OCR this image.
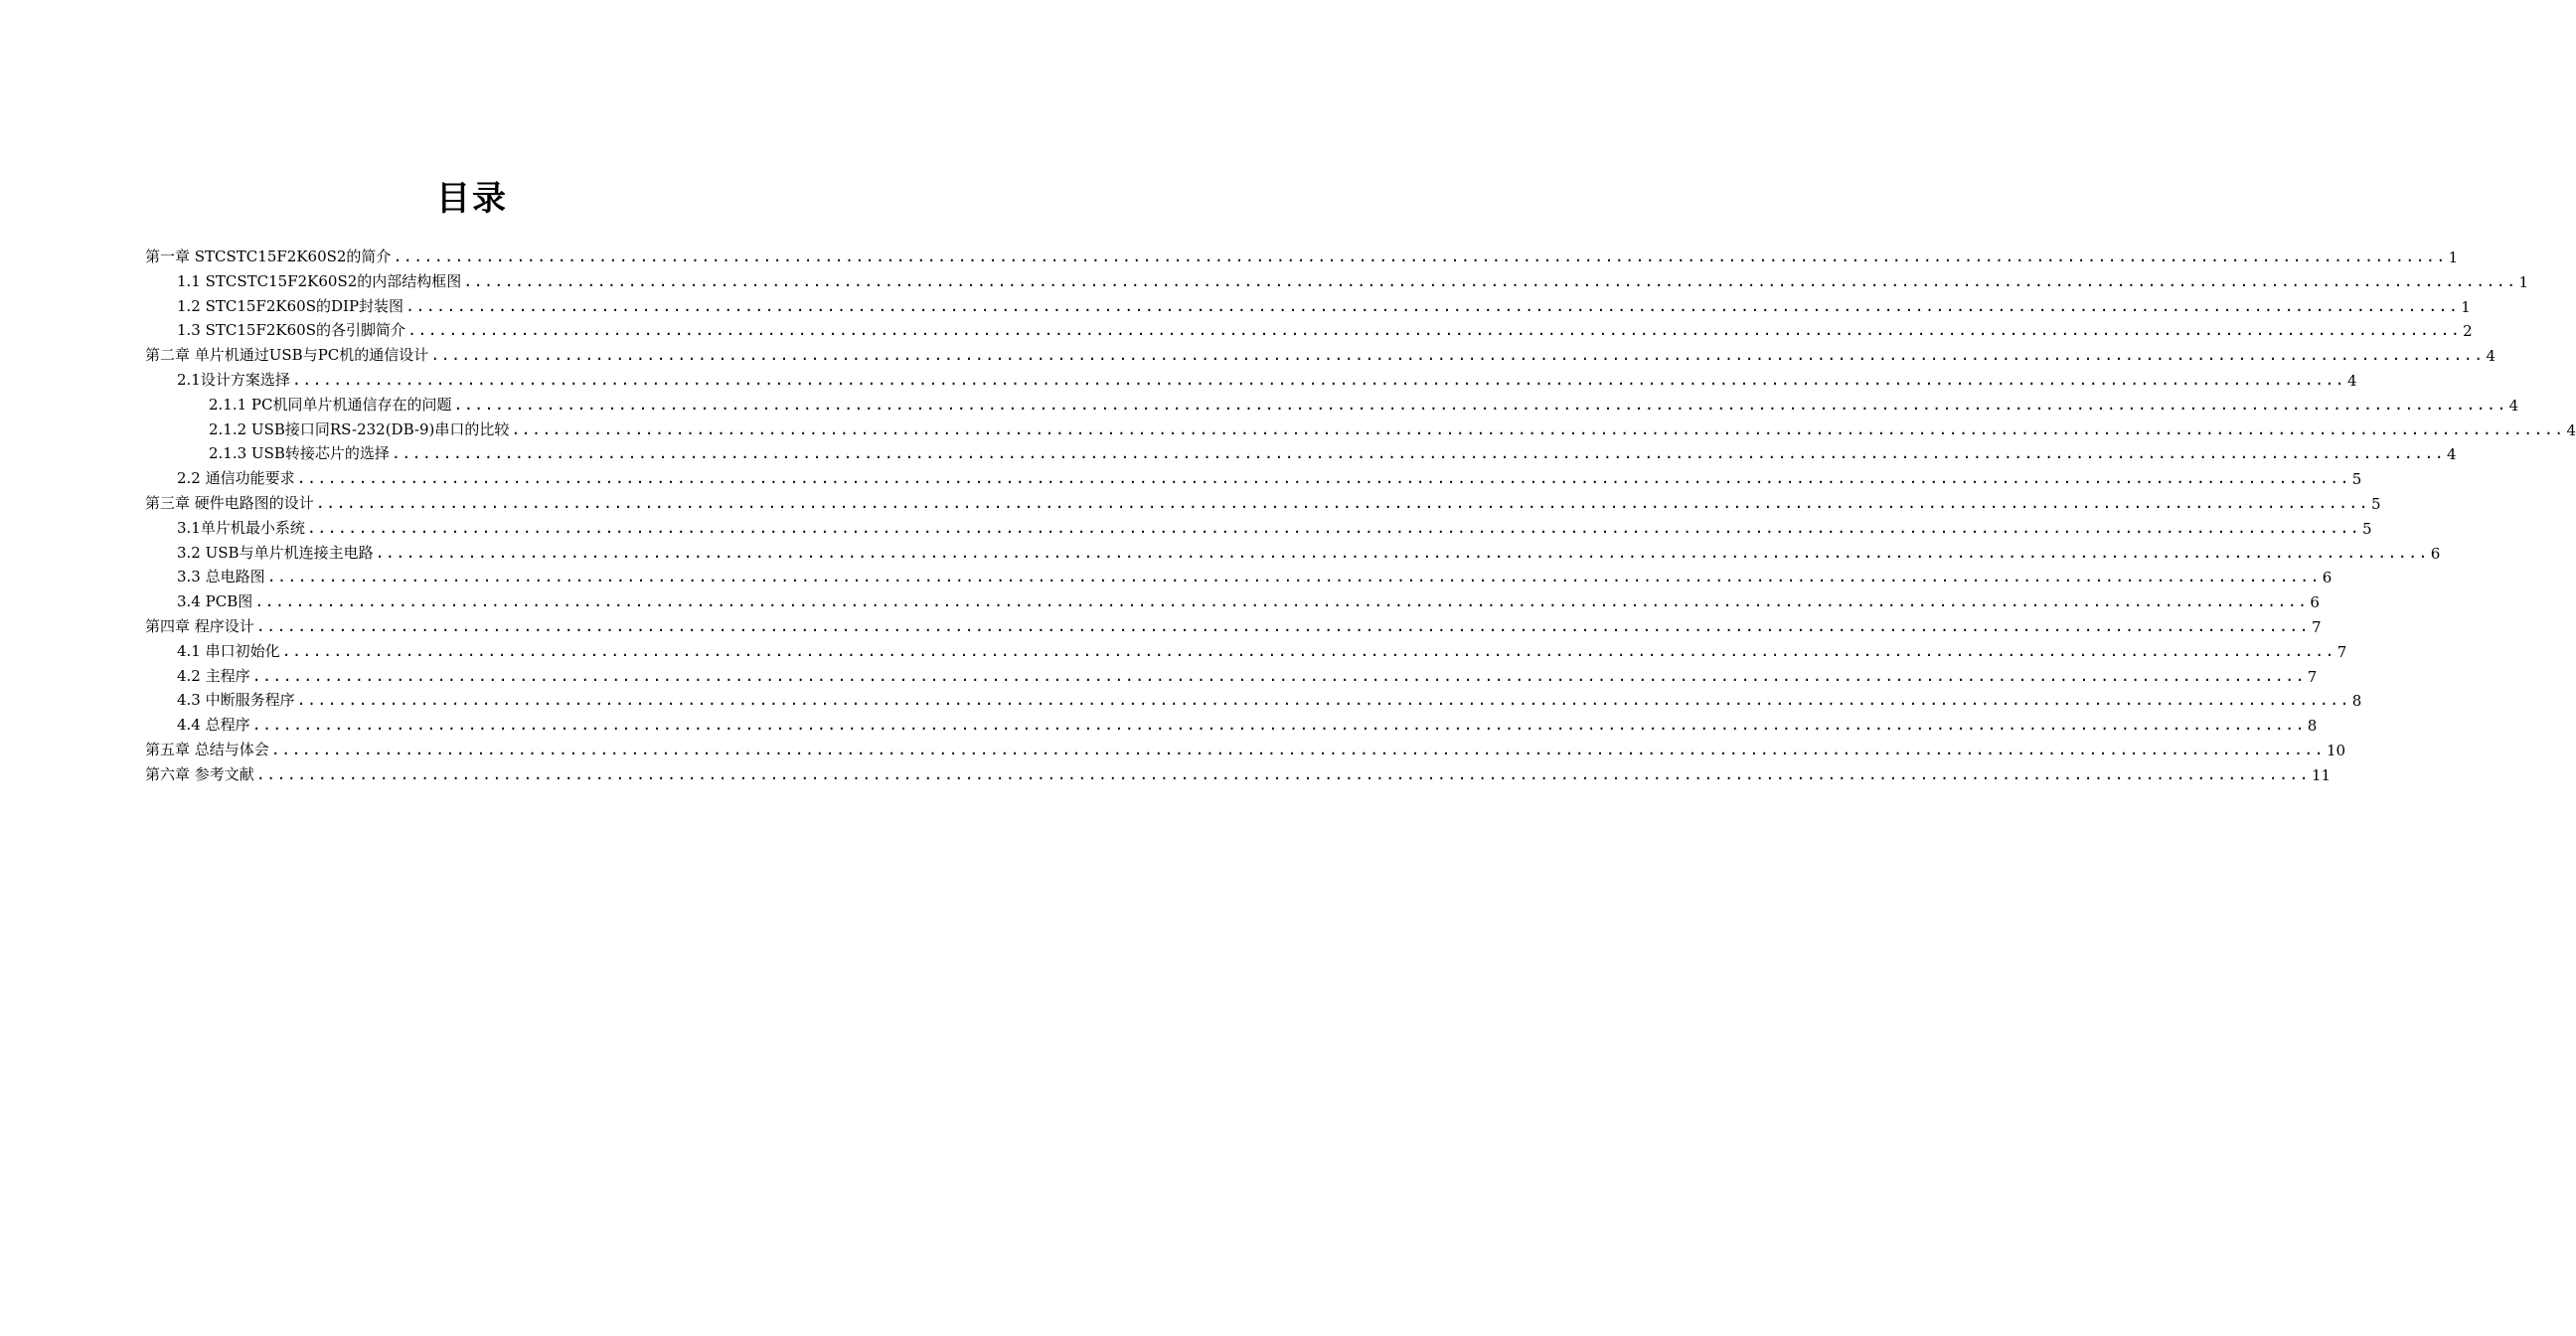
目录
第一章 STCSTC15F2K60S2的简介 ........................................................................................................................................................................................................ 1
1.1 STCSTC15F2K60S2的内部结构框图 ........................................................................................................................................................................................................ 1
1.2 STC15F2K60S的DIP封装图 ........................................................................................................................................................................................................ 1
1.3 STC15F2K60S的各引脚简介 ........................................................................................................................................................................................................ 2
第二章 单片机通过USB与PC机的通信设计 ........................................................................................................................................................................................................ 4
2.1设计方案选择 ........................................................................................................................................................................................................ 4
2.1.1 PC机同单片机通信存在的问题 ........................................................................................................................................................................................................ 4
2.1.2 USB接口同RS-232(DB-9)串口的比较 ........................................................................................................................................................................................................ 4
2.1.3 USB转接芯片的选择 ........................................................................................................................................................................................................ 4
2.2 通信功能要求 ........................................................................................................................................................................................................ 5
第三章 硬件电路图的设计 ........................................................................................................................................................................................................ 5
3.1单片机最小系统 ........................................................................................................................................................................................................ 5
3.2 USB与单片机连接主电路 ........................................................................................................................................................................................................ 6
3.3 总电路图 ........................................................................................................................................................................................................ 6
3.4 PCB图 ........................................................................................................................................................................................................ 6
第四章 程序设计 ........................................................................................................................................................................................................ 7
4.1 串口初始化 ........................................................................................................................................................................................................ 7
4.2 主程序 ........................................................................................................................................................................................................ 7
4.3 中断服务程序 ........................................................................................................................................................................................................ 8
4.4 总程序 ........................................................................................................................................................................................................ 8
第五章 总结与体会 ........................................................................................................................................................................................................ 10
第六章 参考文献 ........................................................................................................................................................................................................ 11
